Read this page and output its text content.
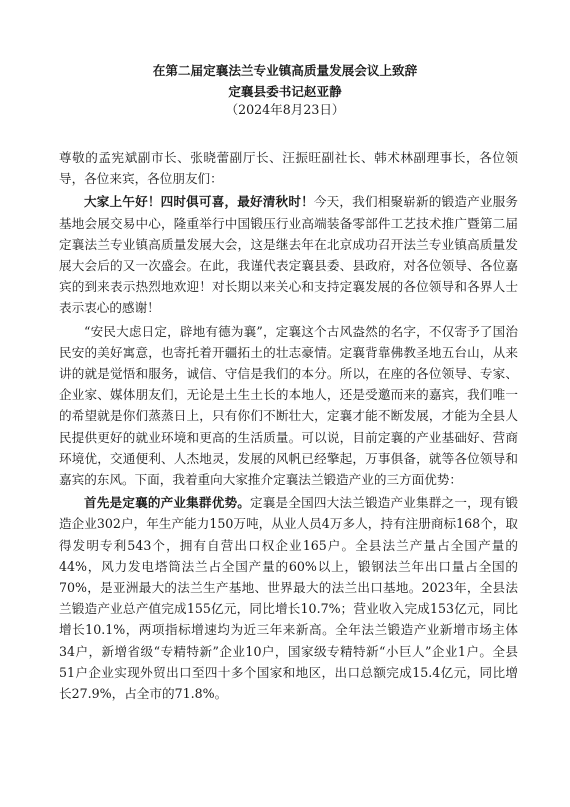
在第二届定襄法兰专业镇高质量发展会议上致辞
定襄县委书记赵亚静
（2024年8月23日）

尊敬的孟宪斌副市长、张晓蕾副厅长、汪振旺副社长、韩术林副理事长，各位领导，各位来宾，各位朋友们：

大家上午好！四时俱可喜，最好清秋时！今天，我们相聚崭新的锻造产业服务基地会展交易中心，隆重举行中国锻压行业高端装备零部件工艺技术推广暨第二届定襄法兰专业镇高质量发展大会，这是继去年在北京成功召开法兰专业镇高质量发展大会后的又一次盛会。在此，我谨代表定襄县委、县政府，对各位领导、各位嘉宾的到来表示热烈地欢迎！对长期以来关心和支持定襄发展的各位领导和各界人士表示衷心的感谢！

“安民大虑日定，辟地有德为襄”，定襄这个古风盎然的名字，不仅寄予了国治民安的美好寓意，也寄托着开疆拓土的壮志豪情。定襄背靠佛教圣地五台山，从来讲的就是觉悟和服务，诚信、守信是我们的本分。所以，在座的各位领导、专家、企业家、媒体朋友们，无论是土生土长的本地人，还是受邀而来的嘉宾，我们唯一的希望就是你们蒸蒸日上，只有你们不断壮大，定襄才能不断发展，才能为全县人民提供更好的就业环境和更高的生活质量。可以说，目前定襄的产业基础好、营商环境优，交通便利、人杰地灵，发展的风帆已经擎起，万事俱备，就等各位领导和嘉宾的东风。下面，我着重向大家推介定襄法兰锻造产业的三方面优势：

首先是定襄的产业集群优势。定襄是全国四大法兰锻造产业集群之一，现有锻造企业302户，年生产能力150万吨，从业人员4万多人，持有注册商标168个，取得发明专利543个，拥有自营出口权企业165户。全县法兰产量占全国产量的44%，风力发电塔筒法兰占全国产量的60%以上，锻钢法兰年出口量占全国的70%，是亚洲最大的法兰生产基地、世界最大的法兰出口基地。2023年，全县法兰锻造产业总产值完成155亿元，同比增长10.7%；营业收入完成153亿元，同比增长10.1%，两项指标增速均为近三年来新高。全年法兰锻造产业新增市场主体34户，新增省级“专精特新”企业10户，国家级专精特新“小巨人”企业1户。全县51户企业实现外贸出口至四十多个国家和地区，出口总额完成15.4亿元，同比增长27.9%，占全市的71.8%。
